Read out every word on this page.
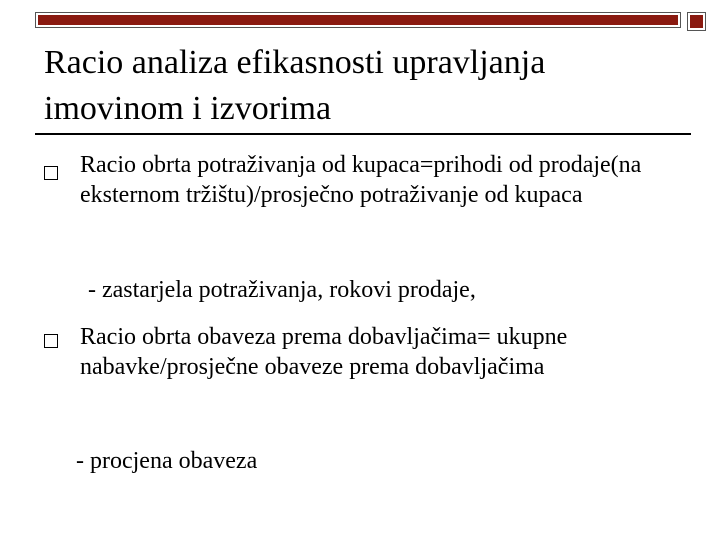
Racio analiza efikasnosti upravljanja imovinom i izvorima
Racio obrta potraživanja od kupaca=prihodi od prodaje(na eksternom tržištu)/prosječno potraživanje od kupaca
- zastarjela potraživanja, rokovi prodaje,
Racio obrta obaveza prema dobavljačima= ukupne nabavke/prosječne obaveze prema dobavljačima
- procjena obaveza
